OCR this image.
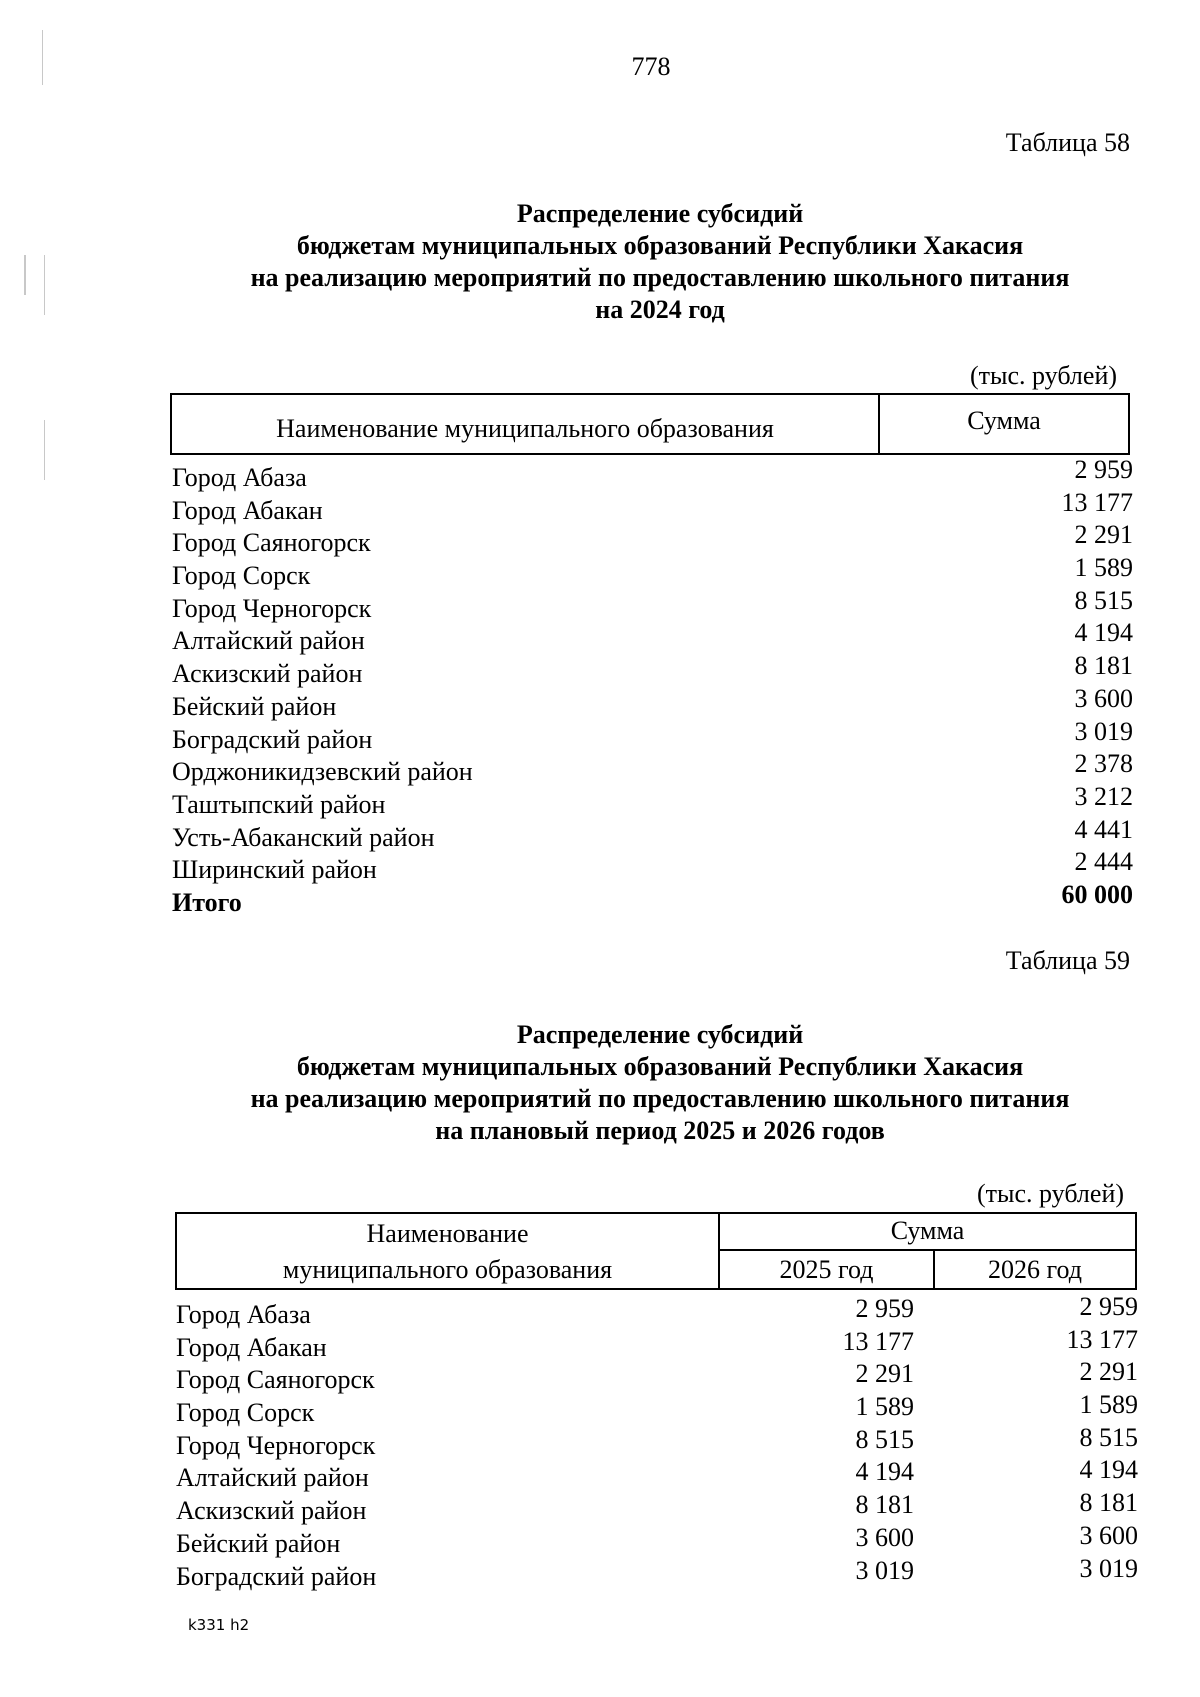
778
Таблица 58
Распределение субсидий
бюджетам муниципальных образований Республики Хакасия
на реализацию мероприятий по предоставлению школьного питания
на 2024 год
(тыс. рублей)
Наименование муниципального образования	Сумма
Город Абаза	2 959
Город Абакан	13 177
Город Саяногорск	2 291
Город Сорск	1 589
Город Черногорск	8 515
Алтайский район	4 194
Аскизский район	8 181
Бейский район	3 600
Боградский район	3 019
Орджоникидзевский район	2 378
Таштыпский район	3 212
Усть-Абаканский район	4 441
Ширинский район	2 444
Итого	60 000
Таблица 59
Распределение субсидий
бюджетам муниципальных образований Республики Хакасия
на реализацию мероприятий по предоставлению школьного питания
на плановый период 2025 и 2026 годов
(тыс. рублей)
Наименование
муниципального образования
Сумма
2025 год	2026 год
Город Абаза	2 959	2 959
Город Абакан	13 177	13 177
Город Саяногорск	2 291	2 291
Город Сорск	1 589	1 589
Город Черногорск	8 515	8 515
Алтайский район	4 194	4 194
Аскизский район	8 181	8 181
Бейский район	3 600	3 600
Боградский район	3 019	3 019
k331 h2
